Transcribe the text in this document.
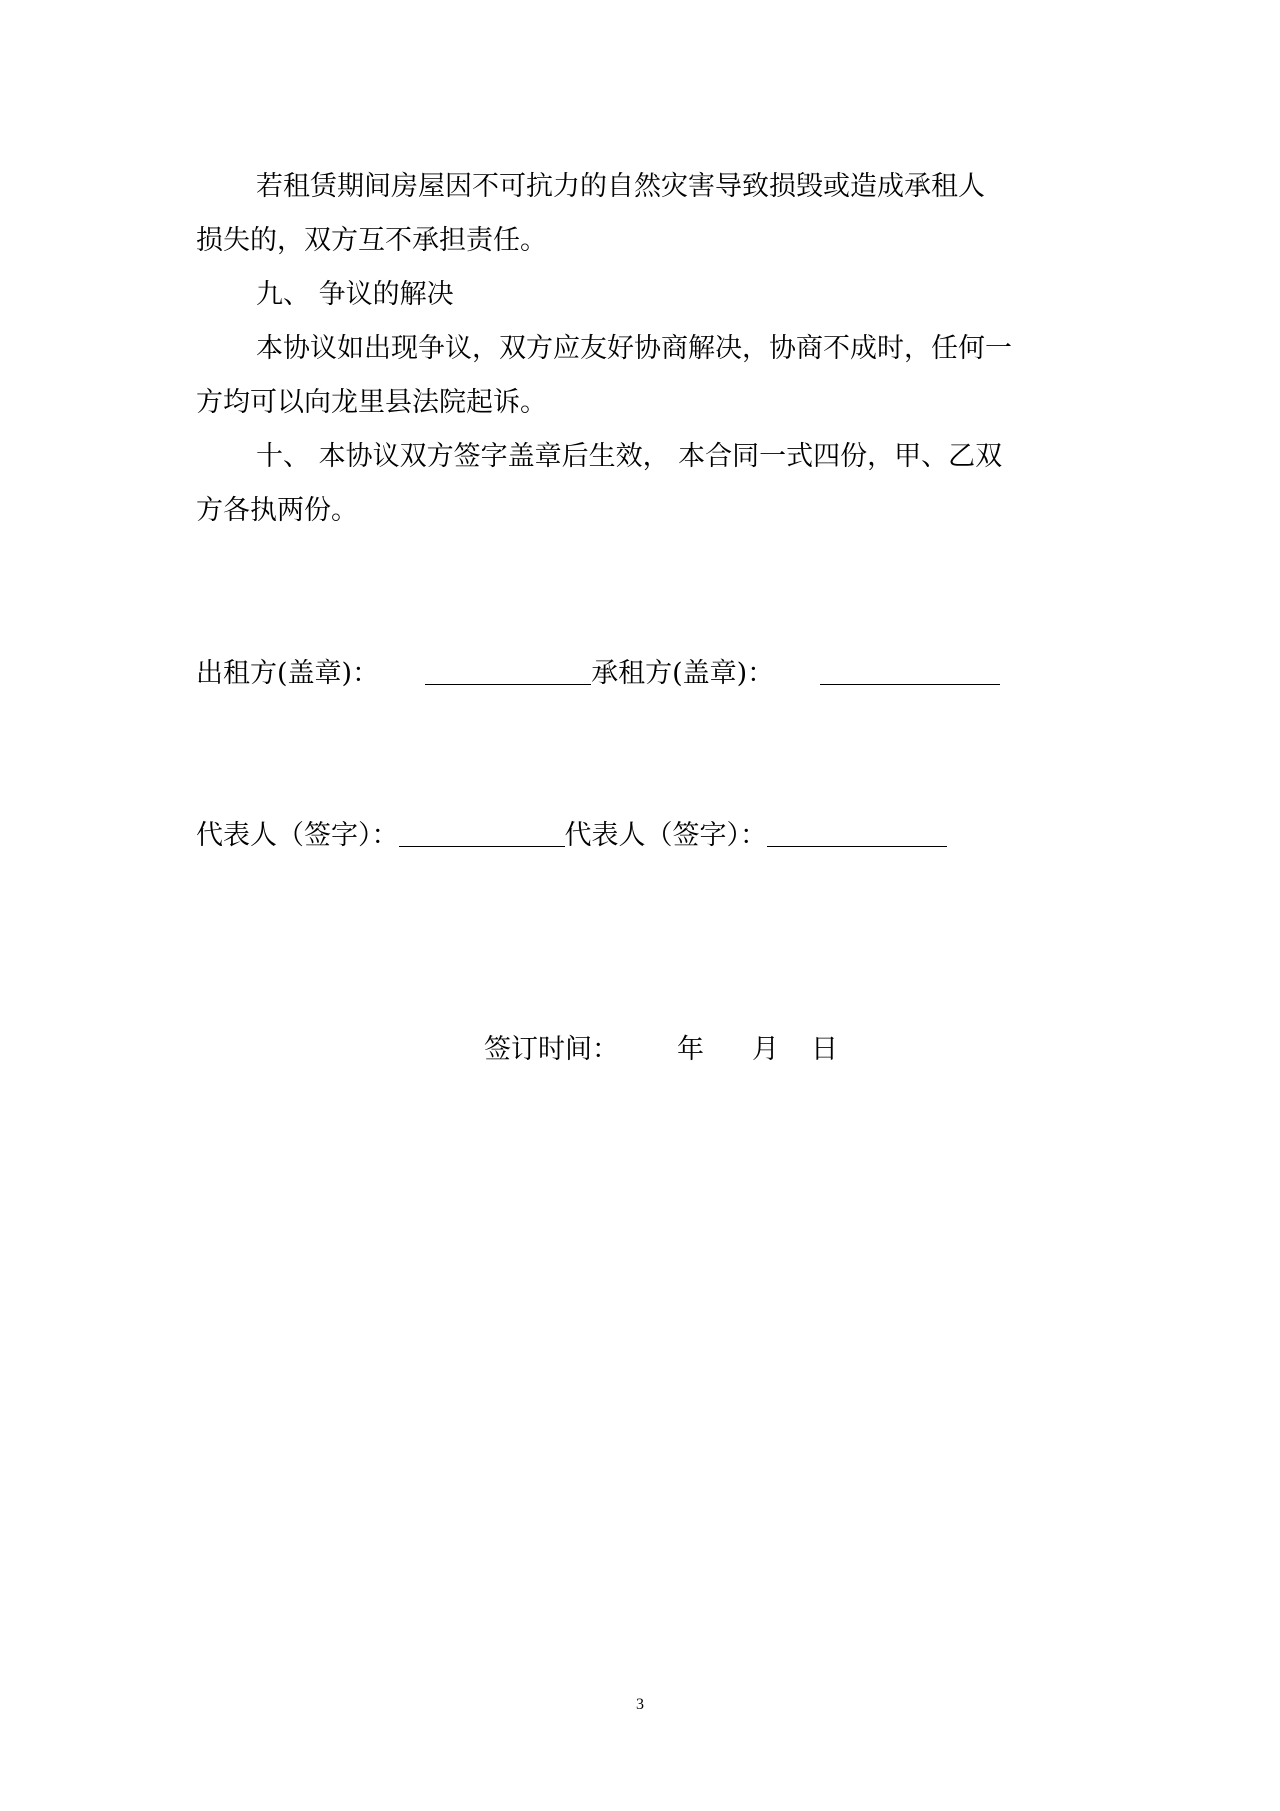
若租赁期间房屋因不可抗力的自然灾害导致损毁或造成承租人
损失的，双方互不承担责任。
九、 争议的解决
本协议如出现争议，双方应友好协商解决，协商不成时，任何一
方均可以向龙里县法院起诉。
十、 本协议双方签字盖章后生效， 本合同一式四份，甲、乙双
方各执两份。
出租方(盖章)：	承租方(盖章)：
代表人（签字）：	代表人（签字）：
签订时间： 年 月 日
3
